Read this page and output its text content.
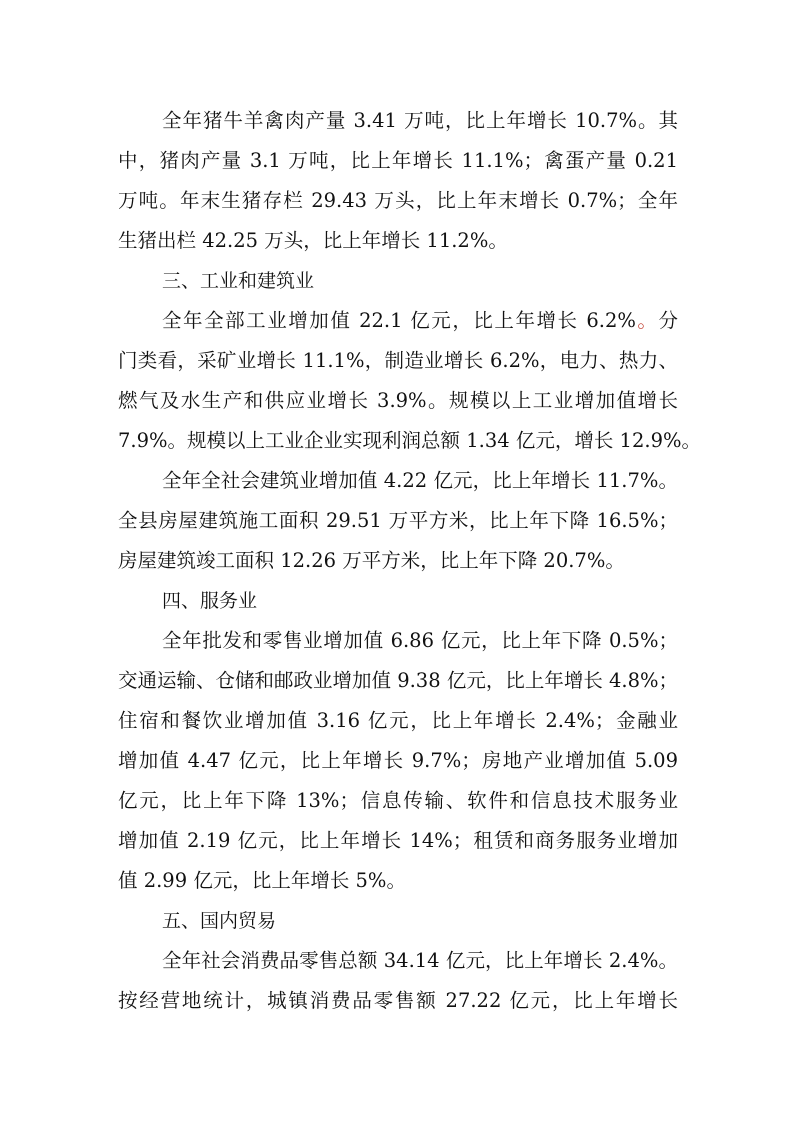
全年猪牛羊禽肉产量 3.41 万吨，比上年增长 10.7%。其
中，猪肉产量 3.1 万吨，比上年增长 11.1%；禽蛋产量 0.21
万吨。年末生猪存栏 29.43 万头，比上年末增长 0.7%；全年
生猪出栏 42.25 万头，比上年增长 11.2%。
三、工业和建筑业
全年全部工业增加值 22.1 亿元，比上年增长 6.2%。分
门类看，采矿业增长 11.1%，制造业增长 6.2%，电力、热力、
燃气及水生产和供应业增长 3.9%。规模以上工业增加值增长
7.9%。规模以上工业企业实现利润总额 1.34 亿元，增长 12.9%。
全年全社会建筑业增加值 4.22 亿元，比上年增长 11.7%。
全县房屋建筑施工面积 29.51 万平方米，比上年下降 16.5%；
房屋建筑竣工面积 12.26 万平方米，比上年下降 20.7%。
四、服务业
全年批发和零售业增加值 6.86 亿元，比上年下降 0.5%；
交通运输、仓储和邮政业增加值 9.38 亿元，比上年增长 4.8%；
住宿和餐饮业增加值 3.16 亿元，比上年增长 2.4%；金融业
增加值 4.47 亿元，比上年增长 9.7%；房地产业增加值 5.09
亿元，比上年下降 13%；信息传输、软件和信息技术服务业
增加值 2.19 亿元，比上年增长 14%；租赁和商务服务业增加
值 2.99 亿元，比上年增长 5%。
五、国内贸易
全年社会消费品零售总额 34.14 亿元，比上年增长 2.4%。
按经营地统计，城镇消费品零售额 27.22 亿元，比上年增长
